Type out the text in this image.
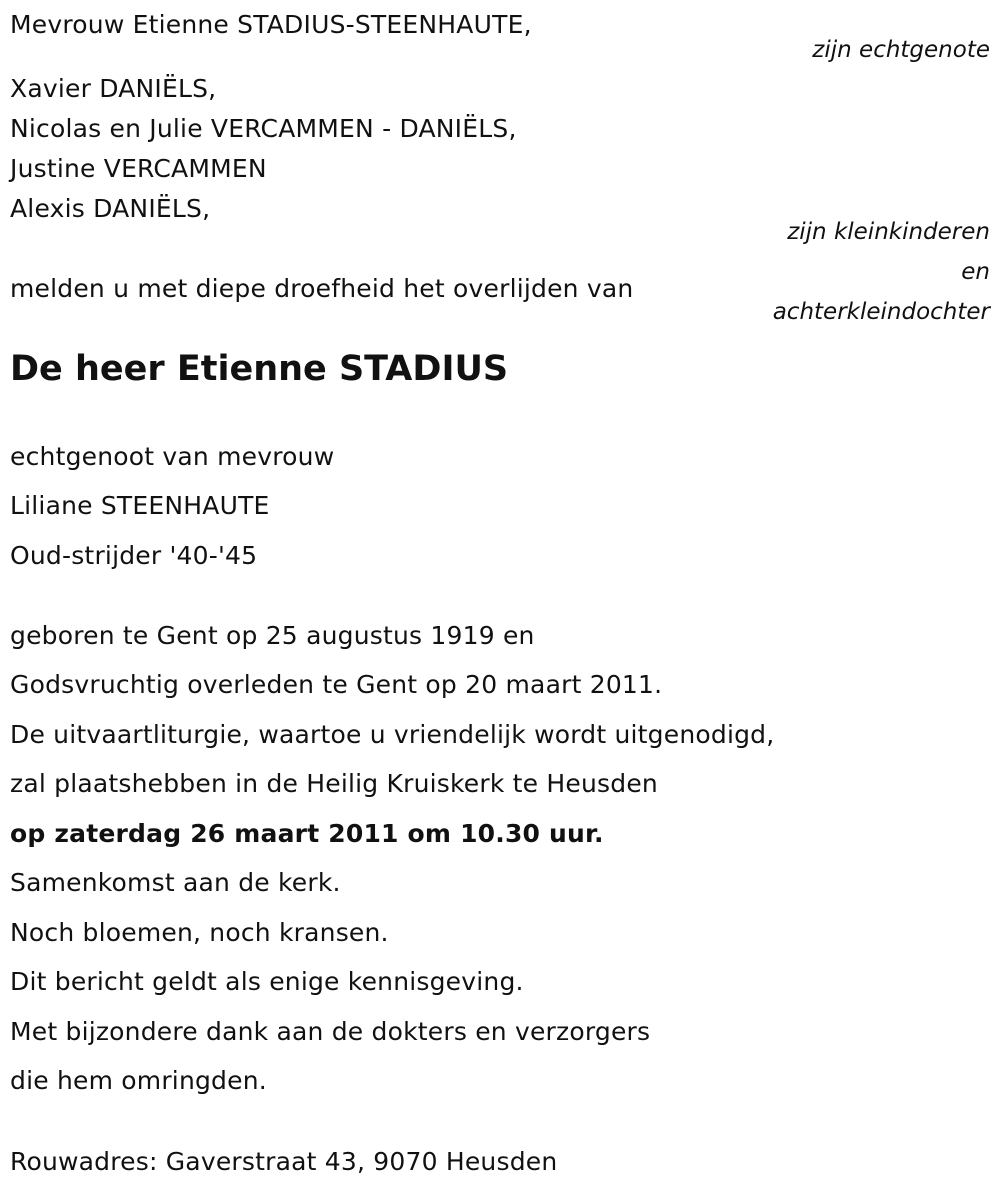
Mevrouw Etienne STADIUS-STEENHAUTE,
zijn echtgenote
Xavier DANIËLS,
Nicolas en Julie VERCAMMEN - DANIËLS,
Justine VERCAMMEN
Alexis DANIËLS,
zijn kleinkinderen
en
achterkleindochter
melden u met diepe droefheid het overlijden van
De heer Etienne STADIUS
echtgenoot van mevrouw
Liliane STEENHAUTE
Oud-strijder '40-'45
geboren te Gent op 25 augustus 1919 en
Godsvruchtig overleden te Gent op 20 maart 2011.
De uitvaartliturgie, waartoe u vriendelijk wordt uitgenodigd,
zal plaatshebben in de Heilig Kruiskerk te Heusden
op zaterdag 26 maart 2011 om 10.30 uur.
Samenkomst aan de kerk.
Noch bloemen, noch kransen.
Dit bericht geldt als enige kennisgeving.
Met bijzondere dank aan de dokters en verzorgers
die hem omringden.
Rouwadres: Gaverstraat 43, 9070 Heusden
